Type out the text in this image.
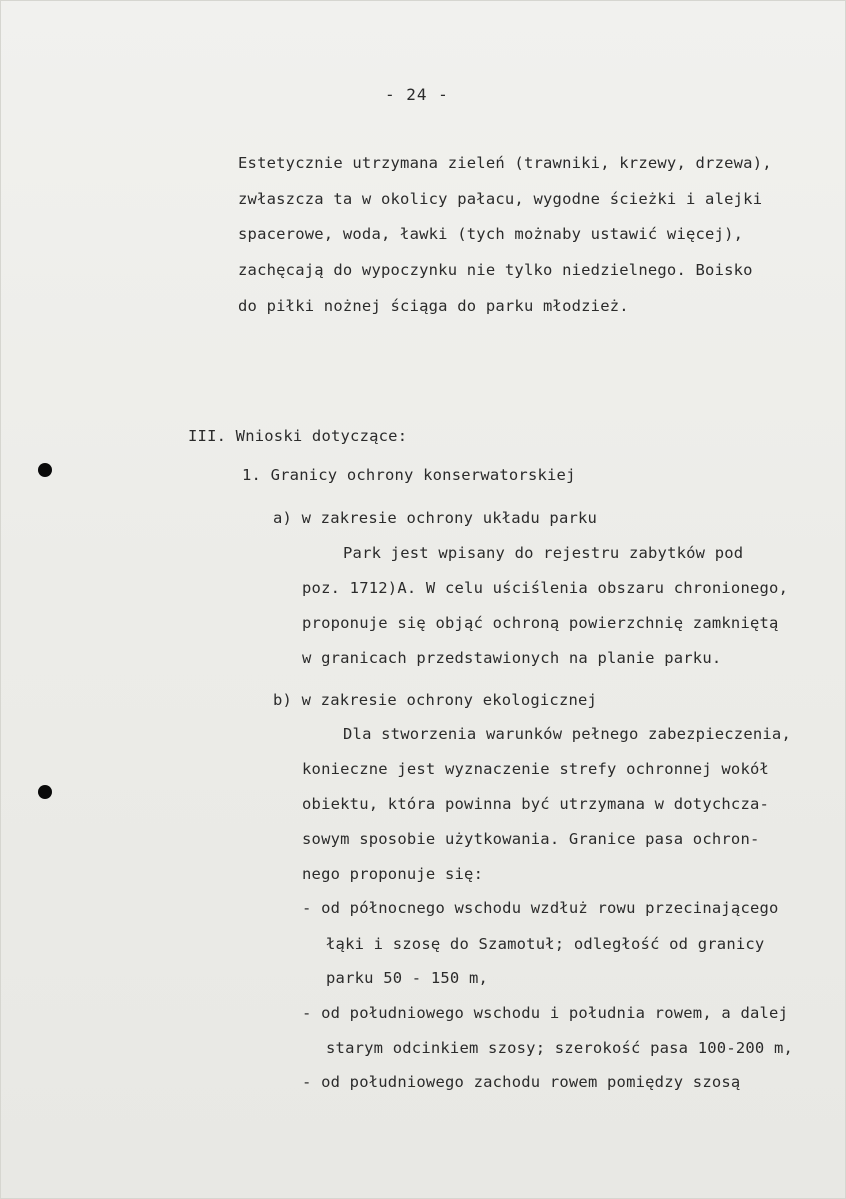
- 24 -
Estetycznie utrzymana zieleń (trawniki, krzewy, drzewa),
zwłaszcza ta w okolicy pałacu, wygodne ścieżki i alejki
spacerowe, woda, ławki (tych możnaby ustawić więcej),
zachęcają do wypoczynku nie tylko niedzielnego. Boisko
do piłki nożnej ściąga do parku młodzież.
III. Wnioski dotyczące:
1. Granicy ochrony konserwatorskiej
a) w zakresie ochrony układu parku
Park jest wpisany do rejestru zabytków pod
poz. 1712)A. W celu uściślenia obszaru chronionego,
proponuje się objąć ochroną powierzchnię zamkniętą
w granicach przedstawionych na planie parku.
b) w zakresie ochrony ekologicznej
Dla stworzenia warunków pełnego zabezpieczenia,
konieczne jest wyznaczenie strefy ochronnej wokół
obiektu, która powinna być utrzymana w dotychcza-
sowym sposobie użytkowania. Granice pasa ochron-
nego proponuje się:
- od północnego wschodu wzdłuż rowu przecinającego
łąki i szosę do Szamotuł; odległość od granicy
parku 50 - 150 m,
- od południowego wschodu i południa rowem, a dalej
starym odcinkiem szosy; szerokość pasa 100-200 m,
- od południowego zachodu rowem pomiędzy szosą
